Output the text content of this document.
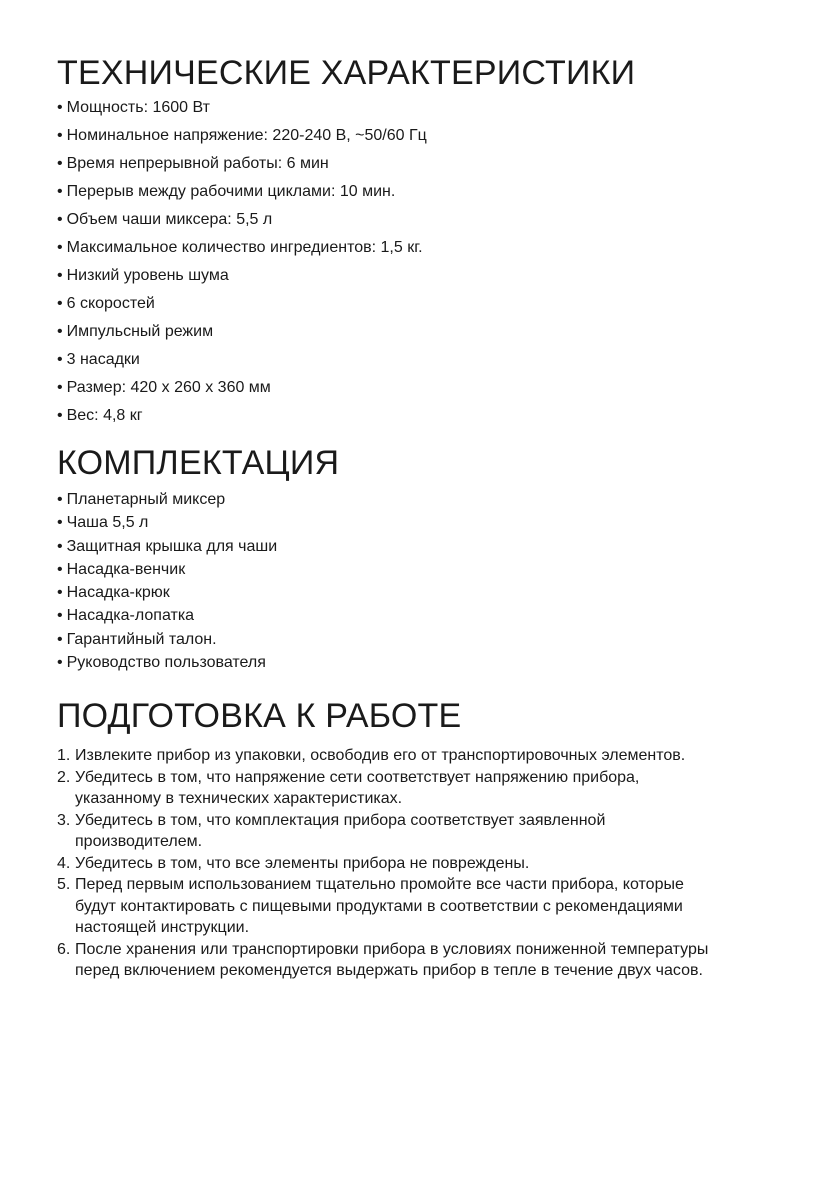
ТЕХНИЧЕСКИЕ ХАРАКТЕРИСТИКИ
• Мощность: 1600 Вт
• Номинальное напряжение: 220-240 В, ~50/60 Гц
• Время непрерывной работы: 6 мин
• Перерыв между рабочими циклами: 10 мин.
• Объем чаши миксера: 5,5 л
• Максимальное количество ингредиентов: 1,5 кг.
• Низкий уровень шума
• 6 скоростей
• Импульсный режим
• 3 насадки
• Размер: 420 х 260 х 360 мм
• Вес: 4,8 кг
КОМПЛЕКТАЦИЯ
• Планетарный миксер
• Чаша 5,5 л
• Защитная крышка для чаши
• Насадка-венчик
• Насадка-крюк
• Насадка-лопатка
• Гарантийный талон.
• Руководство пользователя
ПОДГОТОВКА К РАБОТЕ
1. Извлеките прибор из упаковки, освободив его от транспортировочных элементов.
2. Убедитесь в том, что напряжение сети соответствует напряжению прибора,
указанному в технических характеристиках.
3. Убедитесь в том, что комплектация прибора соответствует заявленной
производителем.
4. Убедитесь в том, что все элементы прибора не повреждены.
5. Перед первым использованием тщательно промойте все части прибора, которые
будут контактировать с пищевыми продуктами в соответствии с рекомендациями
настоящей инструкции.
6. После хранения или транспортировки прибора в условиях пониженной температуры
перед включением рекомендуется выдержать прибор в тепле в течение двух часов.
